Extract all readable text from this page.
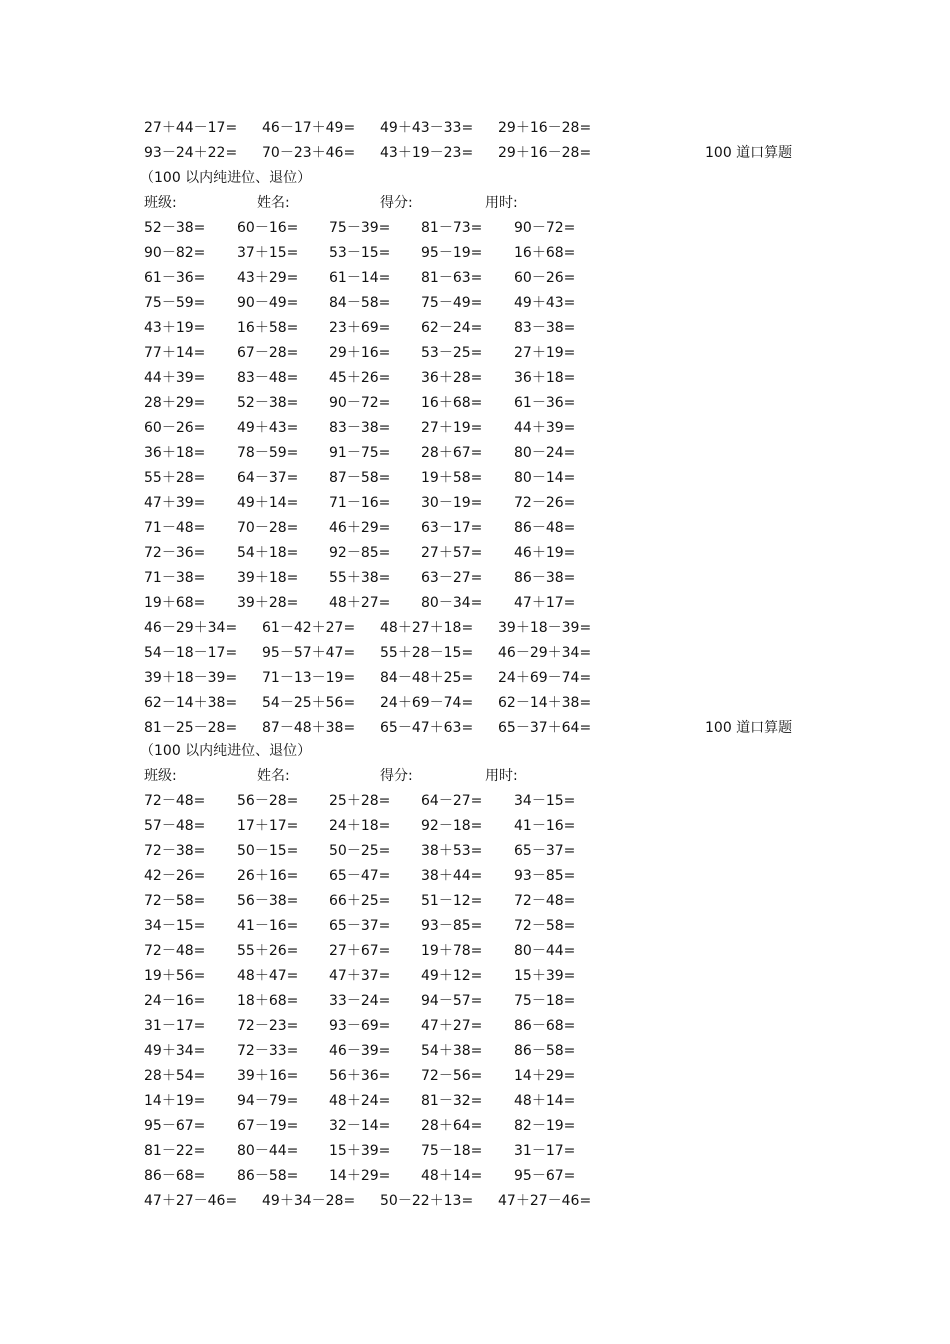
27＋44－17= 46－17＋49= 49＋43－33= 29＋16－28=
93－24＋22= 70－23＋46= 43＋19－23= 29＋16－28=	100 道口算题
（100 以内纯进位、退位）
班级:	姓名:	得分:	用时:
52－38= 60－16= 75－39= 81－73= 90－72=
90－82= 37＋15= 53－15= 95－19= 16＋68=
61－36= 43＋29= 61－14= 81－63= 60－26=
75－59= 90－49= 84－58= 75－49= 49＋43=
43＋19= 16＋58= 23＋69= 62－24= 83－38=
77＋14= 67－28= 29＋16= 53－25= 27＋19=
44＋39= 83－48= 45＋26= 36＋28= 36＋18=
28＋29= 52－38= 90－72= 16＋68= 61－36=
60－26= 49＋43= 83－38= 27＋19= 44＋39=
36＋18= 78－59= 91－75= 28＋67= 80－24=
55＋28= 64－37= 87－58= 19＋58= 80－14=
47＋39= 49＋14= 71－16= 30－19= 72－26=
71－48= 70－28= 46＋29= 63－17= 86－48=
72－36= 54＋18= 92－85= 27＋57= 46＋19=
71－38= 39＋18= 55＋38= 63－27= 86－38=
19＋68= 39＋28= 48＋27= 80－34= 47＋17=
46－29＋34= 61－42＋27= 48＋27＋18= 39＋18－39=
54－18－17= 95－57＋47= 55＋28－15= 46－29＋34=
39＋18－39= 71－13－19= 84－48＋25= 24＋69－74=
62－14＋38= 54－25＋56= 24＋69－74= 62－14＋38=
81－25－28= 87－48＋38= 65－47＋63= 65－37＋64=	100 道口算题
（100 以内纯进位、退位）
班级:	姓名:	得分:	用时:
72－48= 56－28= 25＋28= 64－27= 34－15=
57－48= 17＋17= 24＋18= 92－18= 41－16=
72－38= 50－15= 50－25= 38＋53= 65－37=
42－26= 26＋16= 65－47= 38＋44= 93－85=
72－58= 56－38= 66＋25= 51－12= 72－48=
34－15= 41－16= 65－37= 93－85= 72－58=
72－48= 55＋26= 27＋67= 19＋78= 80－44=
19＋56= 48＋47= 47＋37= 49＋12= 15＋39=
24－16= 18＋68= 33－24= 94－57= 75－18=
31－17= 72－23= 93－69= 47＋27= 86－68=
49＋34= 72－33= 46－39= 54＋38= 86－58=
28＋54= 39＋16= 56＋36= 72－56= 14＋29=
14＋19= 94－79= 48＋24= 81－32= 48＋14=
95－67= 67－19= 32－14= 28＋64= 82－19=
81－22= 80－44= 15＋39= 75－18= 31－17=
86－68= 86－58= 14＋29= 48＋14= 95－67=
47＋27－46= 49＋34－28= 50－22＋13= 47＋27－46=
